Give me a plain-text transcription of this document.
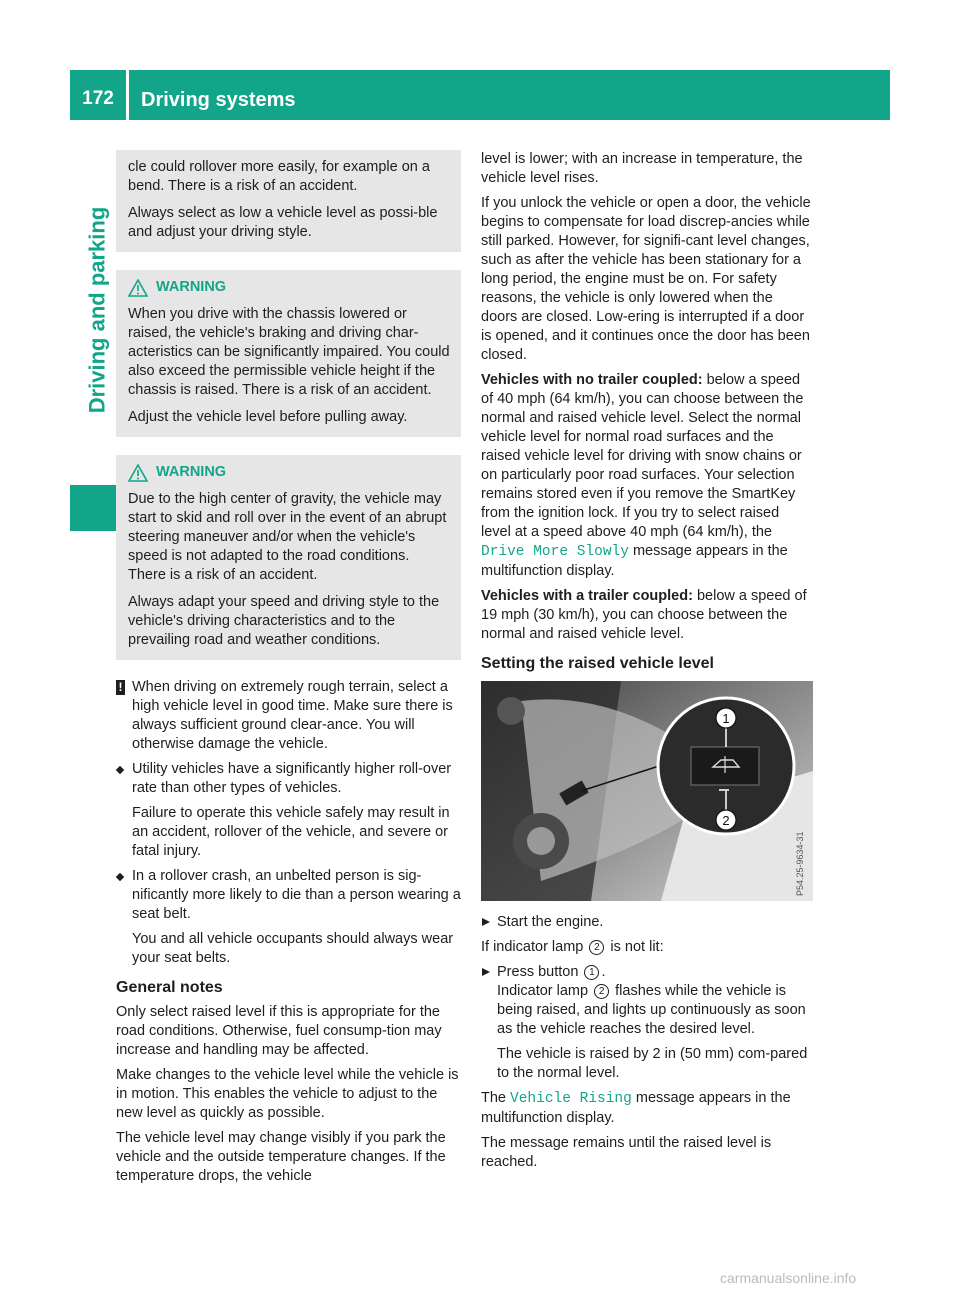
172	Driving systems
Driving and parking

cle could rollover more easily, for example on a bend. There is a risk of an accident.

Always select as low a vehicle level as possi-ble and adjust your driving style.

WARNING

When you drive with the chassis lowered or raised, the vehicle's braking and driving char-acteristics can be significantly impaired. You could also exceed the permissible vehicle height if the chassis is raised. There is a risk of an accident.

Adjust the vehicle level before pulling away.

WARNING

Due to the high center of gravity, the vehicle may start to skid and roll over in the event of an abrupt steering maneuver and/or when the vehicle's speed is not adapted to the road conditions. There is a risk of an accident.

Always adapt your speed and driving style to the vehicle's driving characteristics and to the prevailing road and weather conditions.

! When driving on extremely rough terrain, select a high vehicle level in good time. Make sure there is always sufficient ground clear-ance. You will otherwise damage the vehicle.
Utility vehicles have a significantly higher roll-over rate than other types of vehicles.

Failure to operate this vehicle safely may result in an accident, rollover of the vehicle, and severe or fatal injury.

In a rollover crash, an unbelted person is sig-nificantly more likely to die than a person wearing a seat belt.

You and all vehicle occupants should always wear your seat belts.

General notes

Only select raised level if this is appropriate for the road conditions. Otherwise, fuel consump-tion may increase and handling may be affected.

Make changes to the vehicle level while the vehicle is in motion. This enables the vehicle to adjust to the new level as quickly as possible.

The vehicle level may change visibly if you park the vehicle and the outside temperature changes. If the temperature drops, the vehicle

level is lower; with an increase in temperature, the vehicle level rises.

If you unlock the vehicle or open a door, the vehicle begins to compensate for load discrep-ancies while still parked. However, for signifi-cant level changes, such as after the vehicle has been stationary for a long period, the engine must be on. For safety reasons, the vehicle is only lowered when the doors are closed. Low-ering is interrupted if a door is opened, and it continues once the door has been closed.

Vehicles with no trailer coupled: below a speed of 40 mph (64 km/h), you can choose between the normal and raised vehicle level. Select the normal vehicle level for normal road surfaces and the raised vehicle level for driving with snow chains or on particularly poor road surfaces. Your selection remains stored even if you remove the SmartKey from the ignition lock. If you try to select raised level at a speed above 40 mph (64 km/h), the Drive More Slowly message appears in the multifunction display.

Vehicles with a trailer coupled: below a speed of 19 mph (30 km/h), you can choose between the normal and raised vehicle level.

Setting the raised vehicle level
1
2
P54.25-9634-31
Start the engine.

If indicator lamp 2 is not lit:

Press button 1 .
Indicator lamp 2 flashes while the vehicle is being raised, and lights up continuously as soon as the vehicle reaches the desired level.

The vehicle is raised by 2 in (50 mm) com-pared to the normal level.

The Vehicle Rising message appears in the multifunction display.

The message remains until the raised level is reached.

carmanualsonline.info
